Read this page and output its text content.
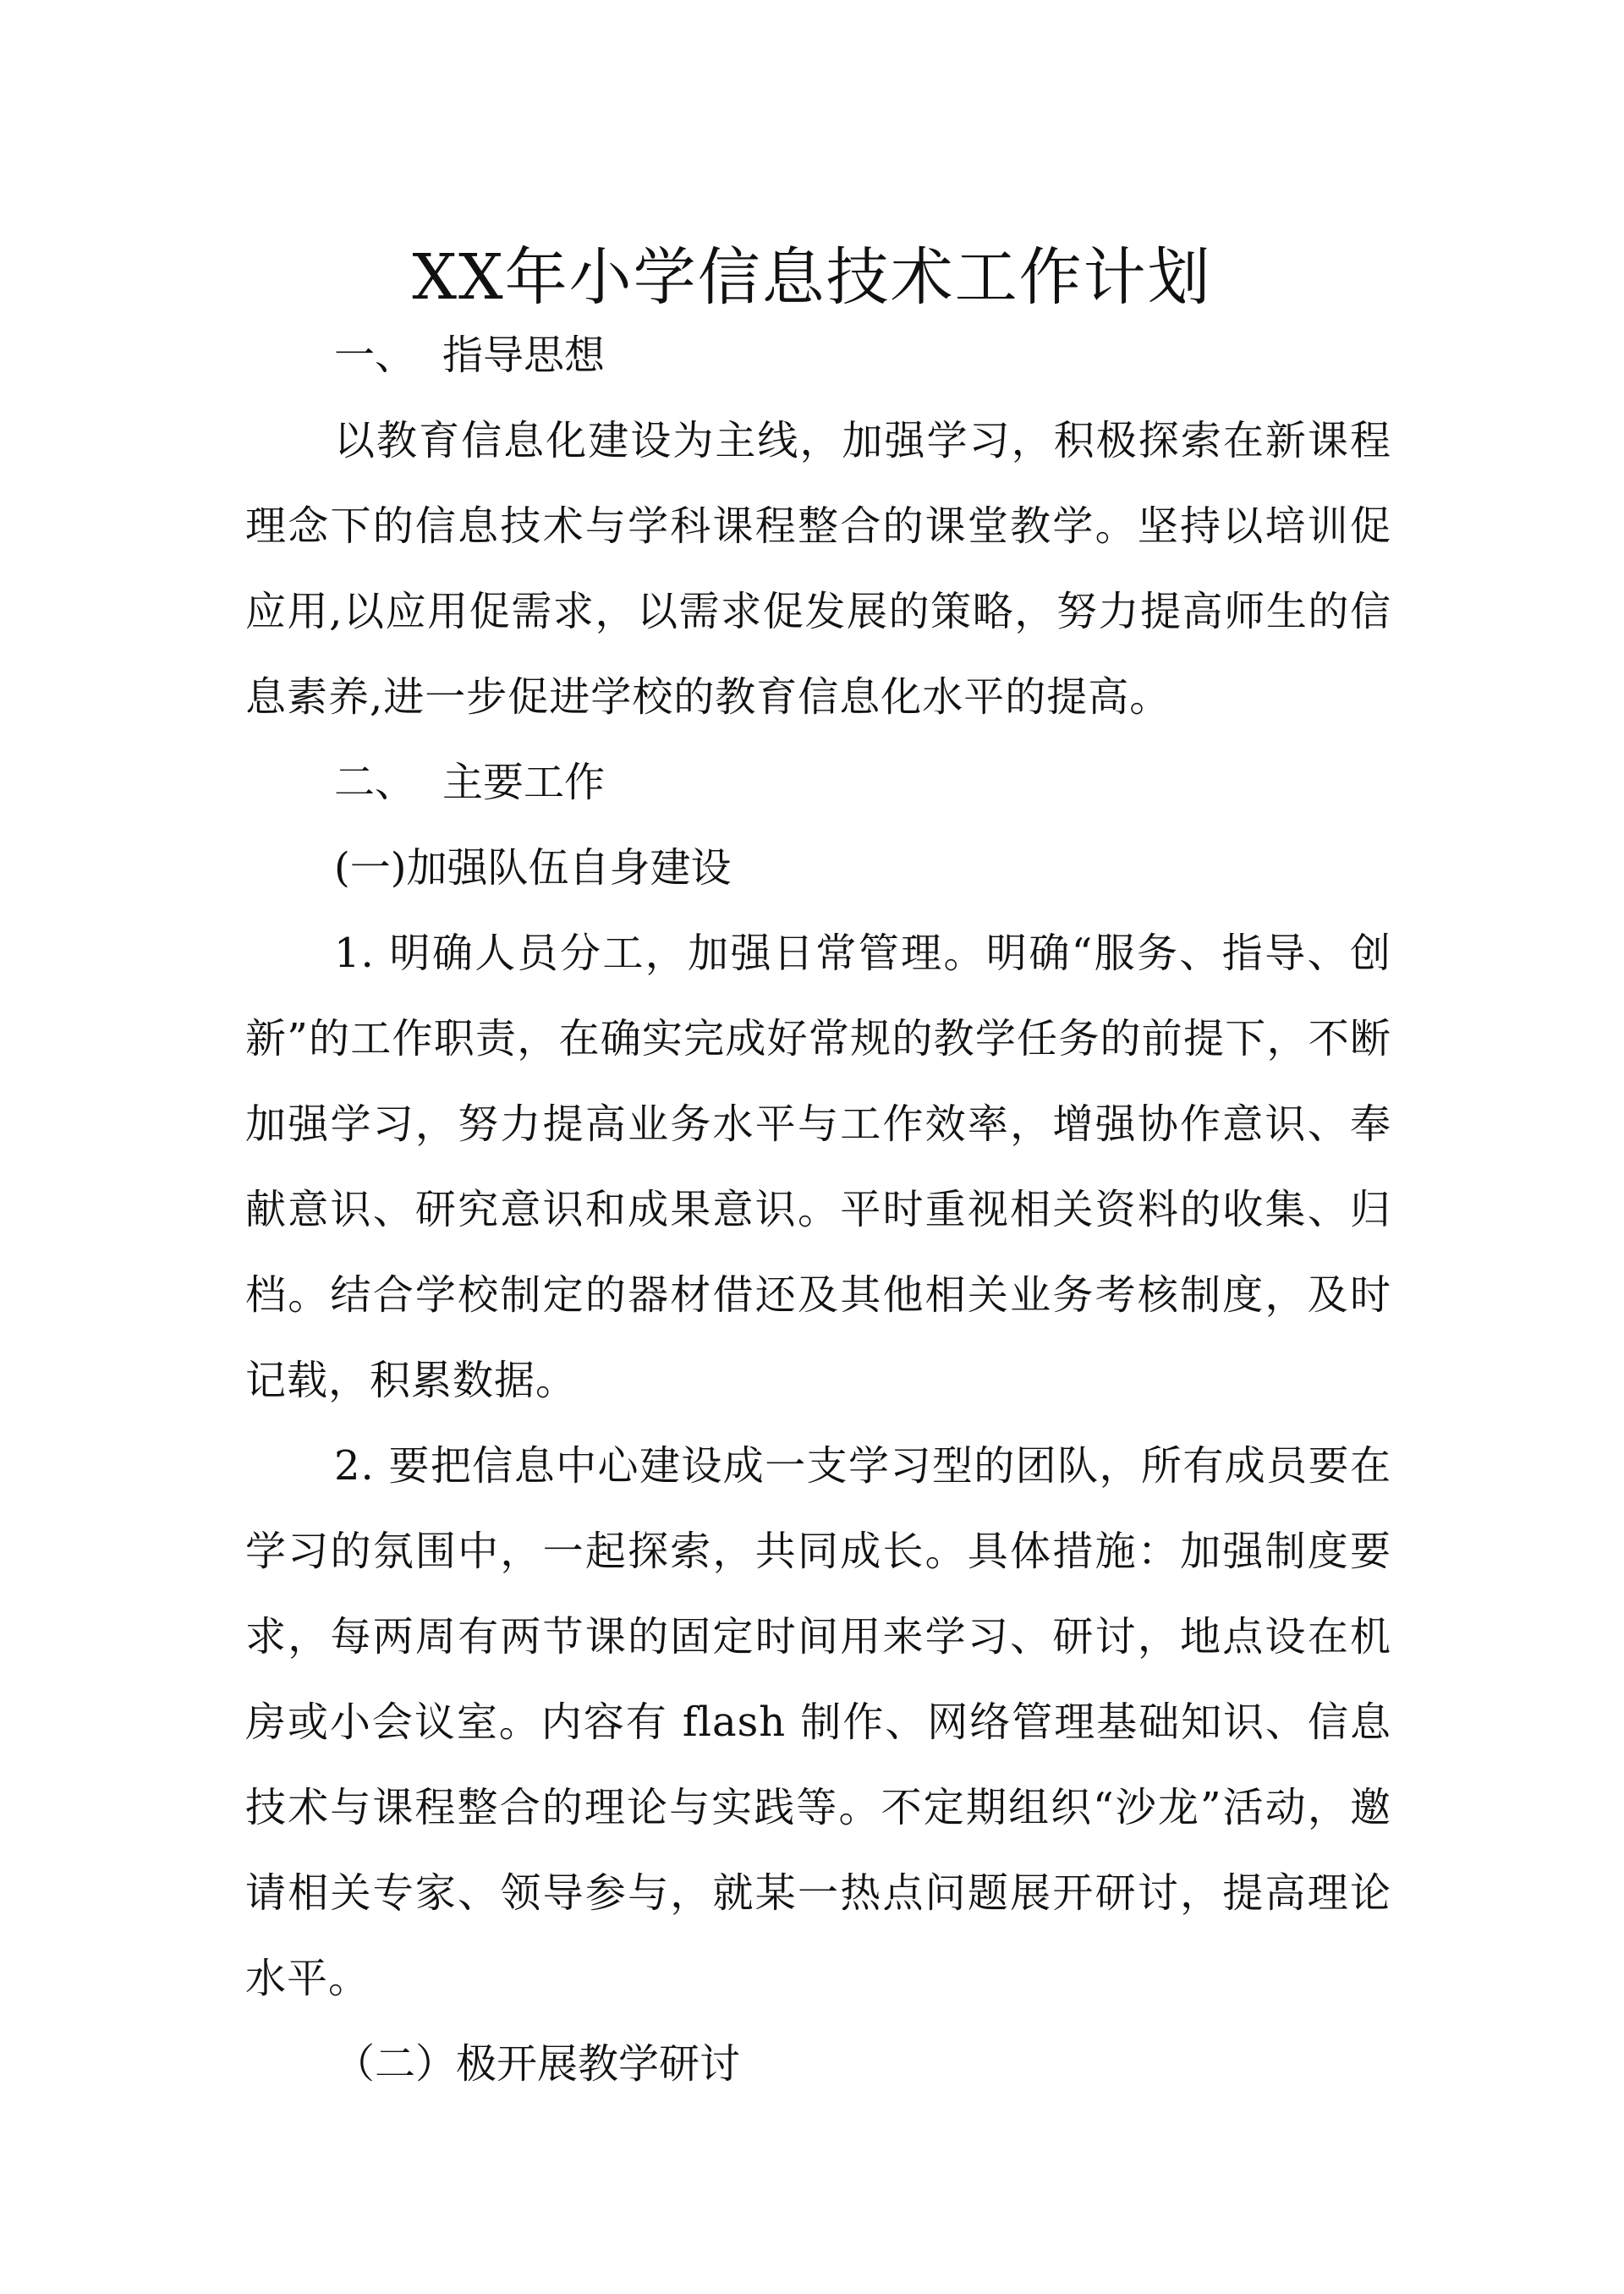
XX年小学信息技术工作计划

一、 指导思想

以教育信息化建设为主线，加强学习，积极探索在新课程理念下的信息技术与学科课程整合的课堂教学。坚持以培训促应用,以应用促需求，以需求促发展的策略，努力提高师生的信息素养,进一步促进学校的教育信息化水平的提高。

二、 主要工作

(一)加强队伍自身建设

1. 明确人员分工，加强日常管理。明确“服务、指导、创新”的工作职责，在确实完成好常规的教学任务的前提下，不断加强学习，努力提高业务水平与工作效率，增强协作意识、奉献意识、研究意识和成果意识。平时重视相关资料的收集、归档。结合学校制定的器材借还及其他相关业务考核制度，及时记载，积累数据。

2. 要把信息中心建设成一支学习型的团队，所有成员要在学习的氛围中，一起探索，共同成长。具体措施：加强制度要求，每两周有两节课的固定时间用来学习、研讨，地点设在机房或小会议室。内容有 flash 制作、网络管理基础知识、信息技术与课程整合的理论与实践等。不定期组织“沙龙”活动，邀请相关专家、领导参与，就某一热点问题展开研讨，提高理论水平。

（二）极开展教学研讨
